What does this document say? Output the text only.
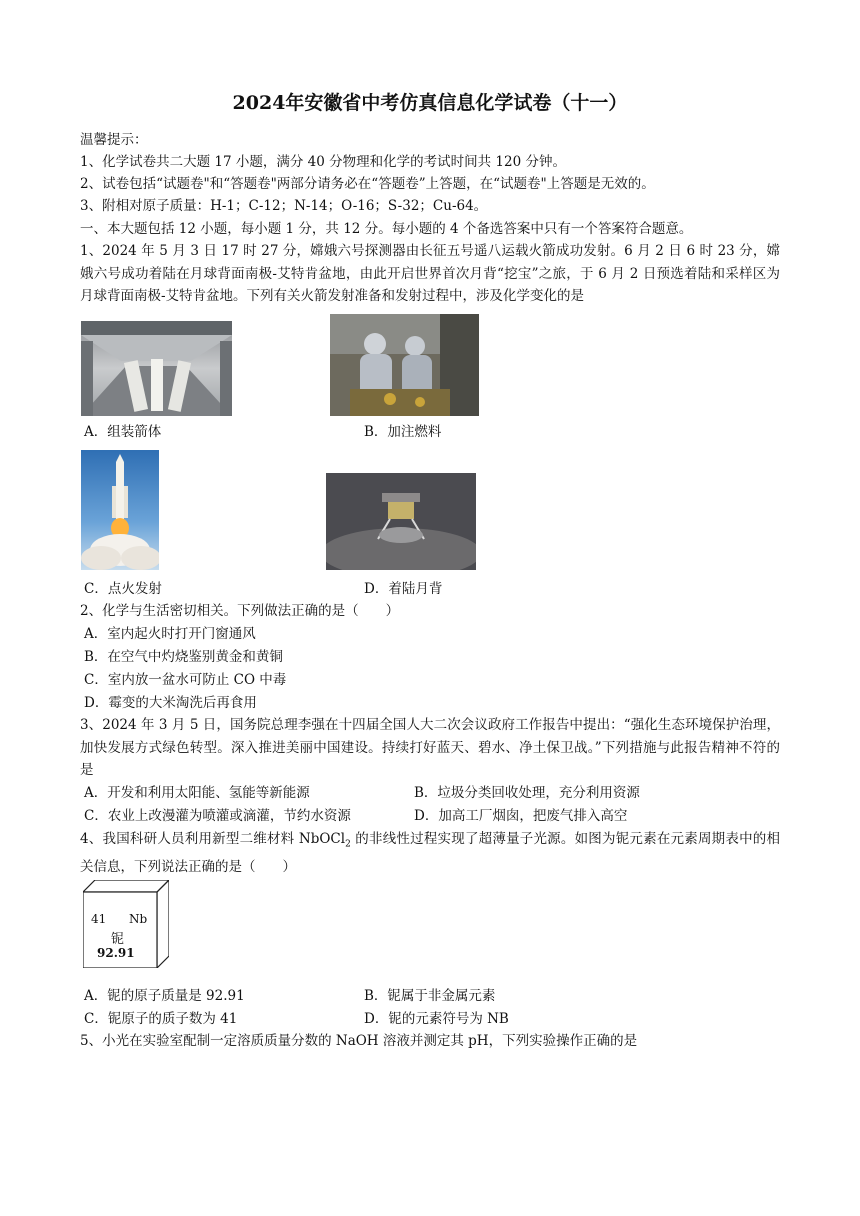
2024年安徽省中考仿真信息化学试卷（十一）
温馨提示：
1、化学试卷共二大题 17 小题，满分 40 分物理和化学的考试时间共 120 分钟。
2、试卷包括“试题卷"和“答题卷"两部分请务必在“答题卷”上答题，在“试题卷"上答题是无效的。
3、附相对原子质量：H-1；C-12；N-14；O-16；S-32；Cu-64。
一、本大题包括 12 小题，每小题 1 分，共 12 分。每小题的 4 个备选答案中只有一个答案符合题意。
1、2024 年 5 月 3 日 17 时 27 分，嫦娥六号探测器由长征五号遥八运载火箭成功发射。6 月 2 日 6 时 23 分，嫦娥六号成功着陆在月球背面南极-艾特肯盆地，由此开启世界首次月背“挖宝”之旅，于 6 月 2 日预选着陆和采样区为月球背面南极-艾特肯盆地。下列有关火箭发射准备和发射过程中，涉及化学变化的是
A．组装箭体	B．加注燃料
C．点火发射	D．着陆月背
2、化学与生活密切相关。下列做法正确的是（　　）
A．室内起火时打开门窗通风
B．在空气中灼烧鉴别黄金和黄铜
C．室内放一盆水可防止 CO 中毒
D．霉变的大米淘洗后再食用
3、2024 年 3 月 5 日，国务院总理李强在十四届全国人大二次会议政府工作报告中提出：“强化生态环境保护治理，加快发展方式绿色转型。深入推进美丽中国建设。持续打好蓝天、碧水、净土保卫战。”下列措施与此报告精神不符的是
A．开发和利用太阳能、氢能等新能源	B．垃圾分类回收处理，充分利用资源
C．农业上改漫灌为喷灌或滴灌，节约水资源	D．加高工厂烟囱，把废气排入高空
4、我国科研人员利用新型二维材料 NbOCl$_2$ 的非线性过程实现了超薄量子光源。如图为铌元素在元素周期表中的相关信息，下列说法正确的是（　　）
41 Nb
铌
92.91
A．铌的原子质量是 92.91	B．铌属于非金属元素
C．铌原子的质子数为 41	D．铌的元素符号为 NB
5、小光在实验室配制一定溶质质量分数的 NaOH 溶液并测定其 pH，下列实验操作正确的是
